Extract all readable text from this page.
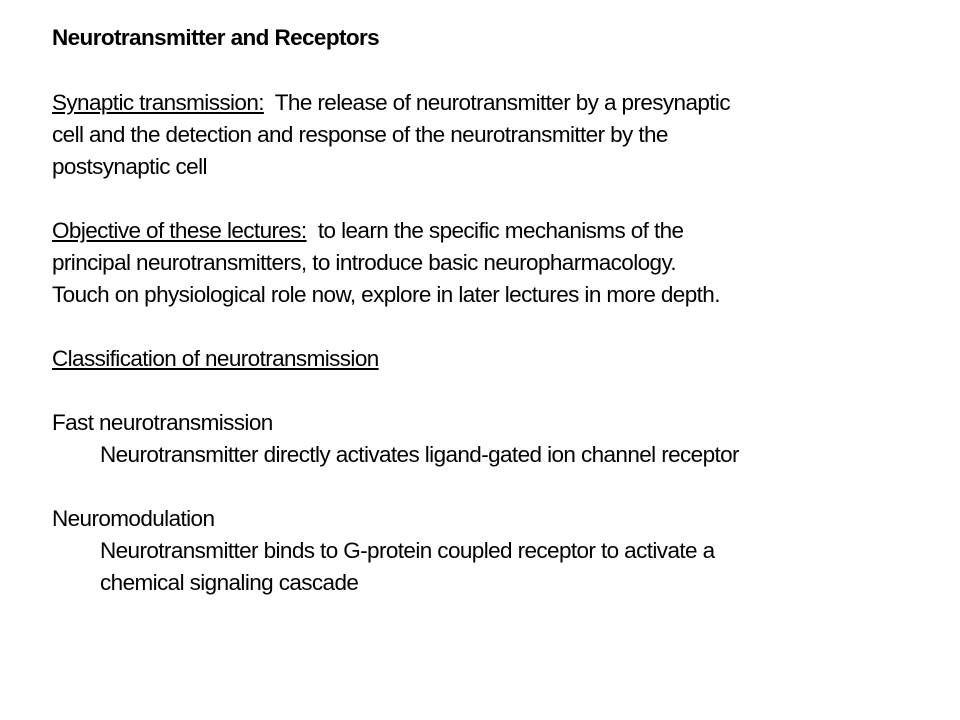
Neurotransmitter and Receptors
Synaptic transmission:  The release of neurotransmitter by a presynaptic
cell and the detection and response of the neurotransmitter by the
postsynaptic cell
Objective of these lectures:  to learn the specific mechanisms of the
principal neurotransmitters, to introduce basic neuropharmacology.
Touch on physiological role now, explore in later lectures in more depth.
Classification of neurotransmission
Fast neurotransmission
Neurotransmitter directly activates ligand-gated ion channel receptor
Neuromodulation
Neurotransmitter binds to G-protein coupled receptor to activate a
chemical signaling cascade
